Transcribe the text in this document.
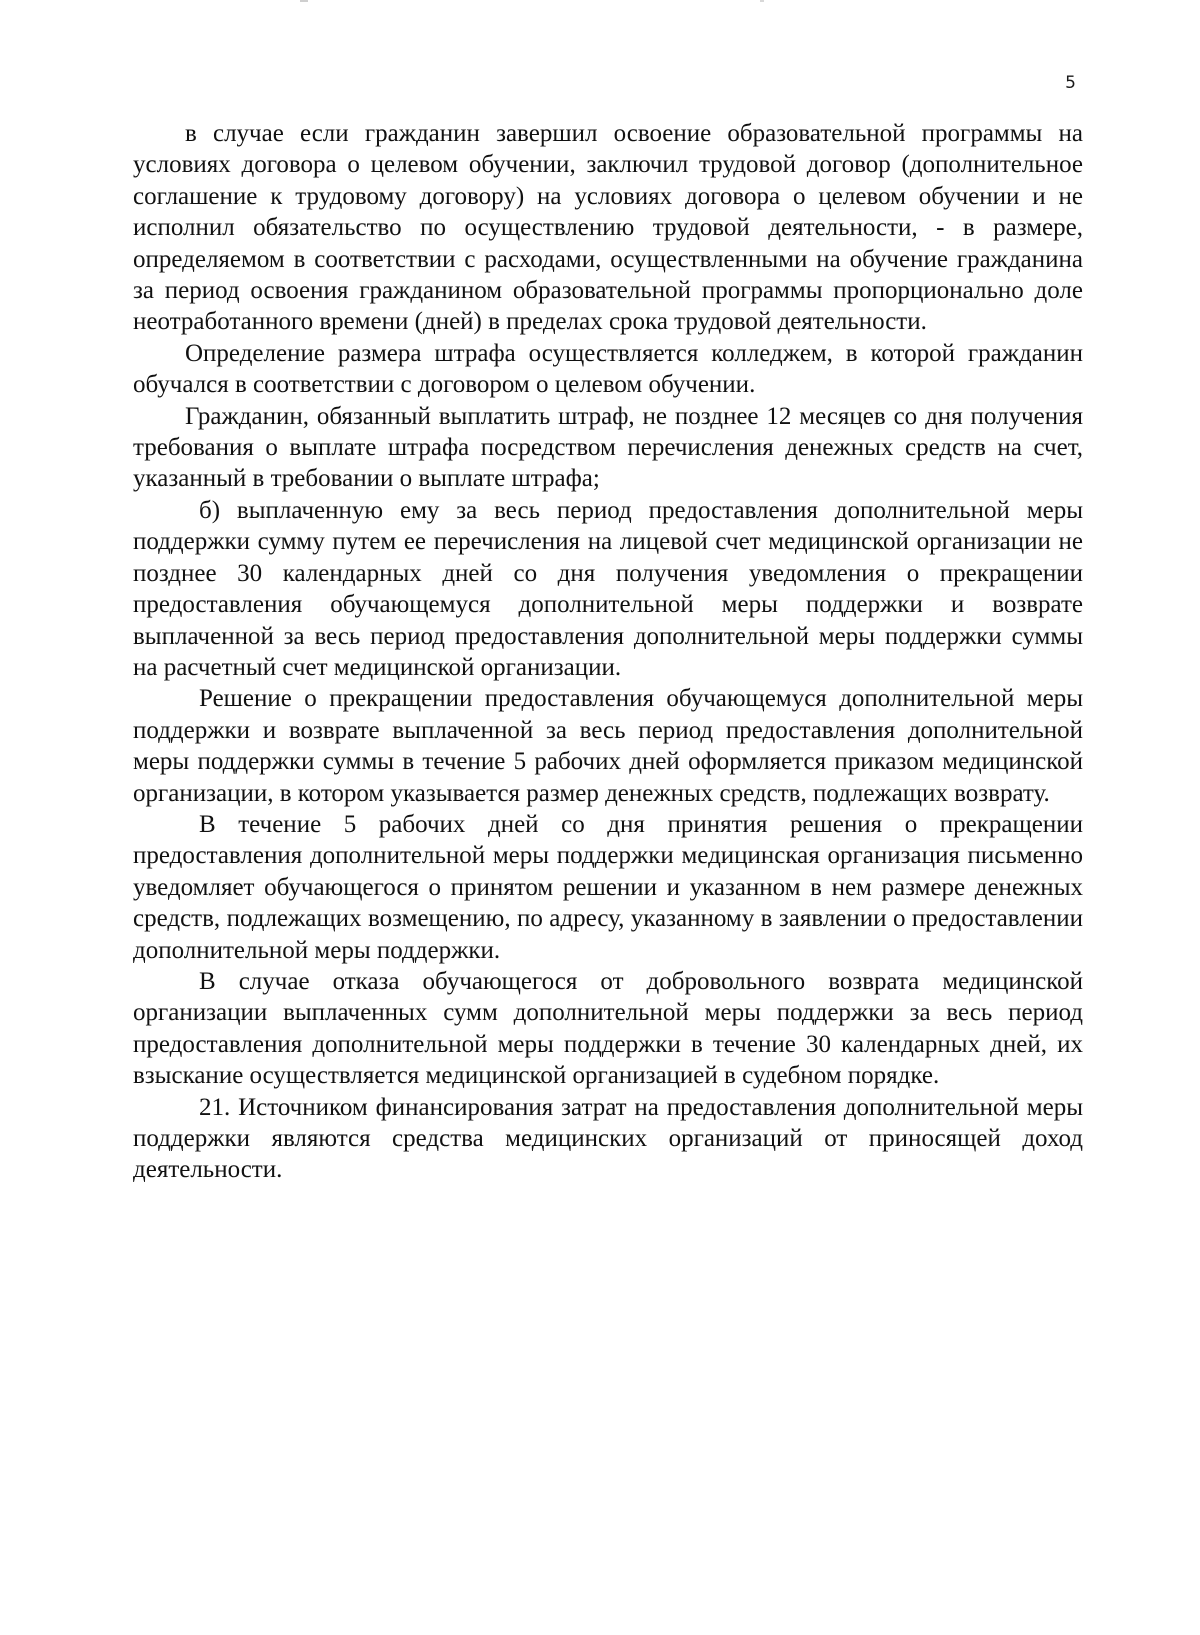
5

в случае если гражданин завершил освоение образовательной программы на условиях договора о целевом обучении, заключил трудовой договор (дополнительное соглашение к трудовому договору) на условиях договора о целевом обучении и не исполнил обязательство по осуществлению трудовой деятельности, - в размере, определяемом в соответствии с расходами, осуществленными на обучение гражданина за период освоения гражданином образовательной программы пропорционально доле неотработанного времени (дней) в пределах срока трудовой деятельности.

Определение размера штрафа осуществляется колледжем, в которой гражданин обучался в соответствии с договором о целевом обучении.

Гражданин, обязанный выплатить штраф, не позднее 12 месяцев со дня получения требования о выплате штрафа посредством перечисления денежных средств на счет, указанный в требовании о выплате штрафа;

б) выплаченную ему за весь период предоставления дополнительной меры поддержки сумму путем ее перечисления на лицевой счет медицинской организации не позднее 30 календарных дней со дня получения уведомления о прекращении предоставления обучающемуся дополнительной меры поддержки и возврате выплаченной за весь период предоставления дополнительной меры поддержки суммы на расчетный счет медицинской организации.

Решение о прекращении предоставления обучающемуся дополнительной меры поддержки и возврате выплаченной за весь период предоставления дополнительной меры поддержки суммы в течение 5 рабочих дней оформляется приказом медицинской организации, в котором указывается размер денежных средств, подлежащих возврату.

В течение 5 рабочих дней со дня принятия решения о прекращении предоставления дополнительной меры поддержки медицинская организация письменно уведомляет обучающегося о принятом решении и указанном в нем размере денежных средств, подлежащих возмещению, по адресу, указанному в заявлении о предоставлении дополнительной меры поддержки.

В случае отказа обучающегося от добровольного возврата медицинской организации выплаченных сумм дополнительной меры поддержки за весь период предоставления дополнительной меры поддержки в течение 30 календарных дней, их взыскание осуществляется медицинской организацией в судебном порядке.

21. Источником финансирования затрат на предоставления дополнительной меры поддержки являются средства медицинских организаций от приносящей доход деятельности.
